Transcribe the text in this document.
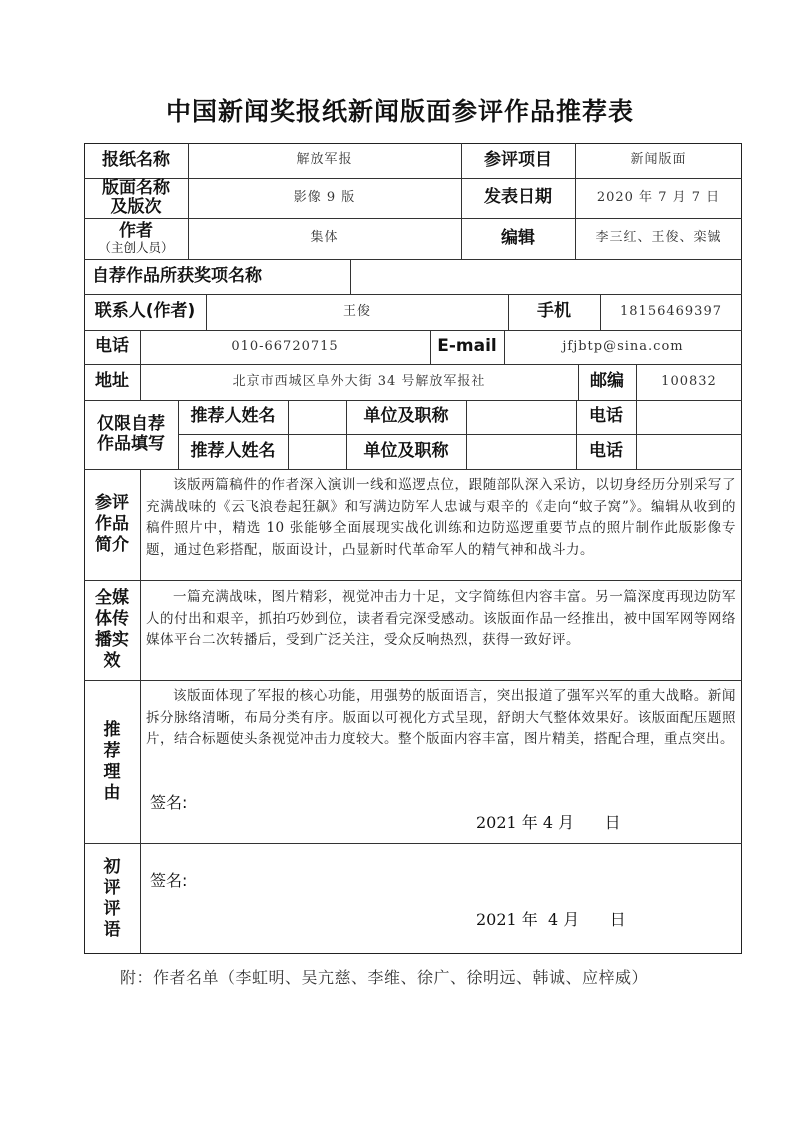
中国新闻奖报纸新闻版面参评作品推荐表
报纸名称	解放军报	参评项目	新闻版面
版面名称
及版次	影像 9 版	发表日期	2020 年 7 月 7 日
作者
（主创人员）
集体	编辑	李三红、王俊、栾铖
自荐作品所获奖项名称
联系人(作者)	王俊	手机	18156469397
电话	010-66720715	E-mail	jfjbtp@sina.com
地址	北京市西城区阜外大街 34 号解放军报社	邮编	100832
仅限自荐
作品填写
推荐人姓名	单位及职称	电话
推荐人姓名	单位及职称	电话
参评
作品
简介
该版两篇稿件的作者深入演训一线和巡逻点位，跟随部队深入采访，以切身经历分别采写了充满战味的《云飞浪卷起狂飙》和写满边防军人忠诚与艰辛的《走向“蚊子窝”》。编辑从收到的稿件照片中，精选 10 张能够全面展现实战化训练和边防巡逻重要节点的照片制作此版影像专题，通过色彩搭配，版面设计，凸显新时代革命军人的精气神和战斗力。
全媒
体传
播实
效
一篇充满战味，图片精彩，视觉冲击力十足，文字简练但内容丰富。另一篇深度再现边防军人的付出和艰辛，抓拍巧妙到位，读者看完深受感动。该版面作品一经推出，被中国军网等网络媒体平台二次转播后，受到广泛关注，受众反响热烈，获得一致好评。
推
荐
理
由
该版面体现了军报的核心功能，用强势的版面语言，突出报道了强军兴军的重大战略。新闻拆分脉络清晰，布局分类有序。版面以可视化方式呈现，舒朗大气整体效果好。该版面配压题照片，结合标题使头条视觉冲击力度较大。整个版面内容丰富，图片精美，搭配合理，重点突出。
签名:
2021 年 4 月      日
初
评
评
语
签名:
2021 年  4 月      日
附：作者名单（李虹明、吴亢慈、李维、徐广、徐明远、韩诚、应梓威）
